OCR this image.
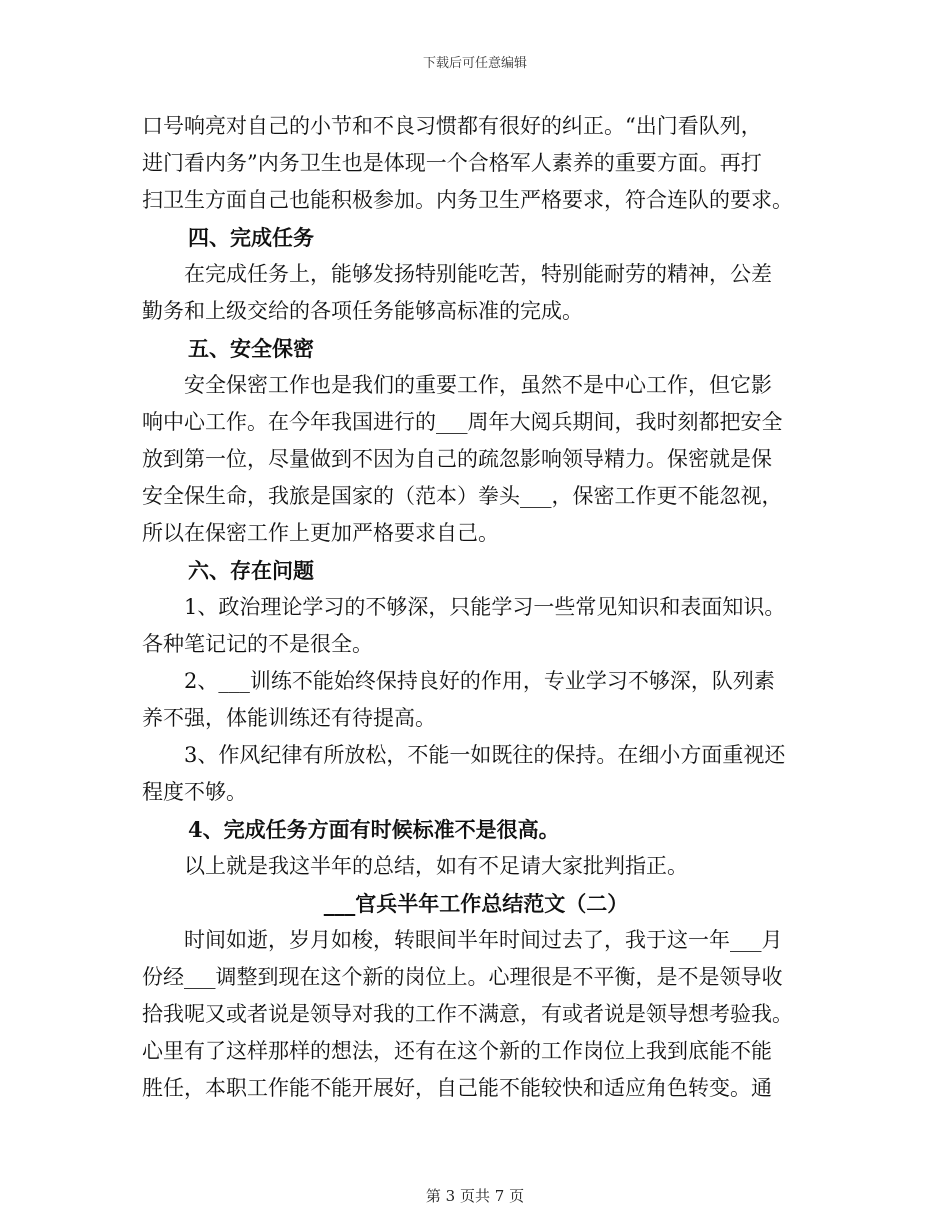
下载后可任意编辑
口号响亮对自己的小节和不良习惯都有很好的纠正。“出门看队列，
进门看内务”内务卫生也是体现一个合格军人素养的重要方面。再打
扫卫生方面自己也能积极参加。内务卫生严格要求，符合连队的要求。
四、完成任务
在完成任务上，能够发扬特别能吃苦，特别能耐劳的精神，公差
勤务和上级交给的各项任务能够高标准的完成。
五、安全保密
安全保密工作也是我们的重要工作，虽然不是中心工作，但它影
响中心工作。在今年我国进行的___周年大阅兵期间，我时刻都把安全
放到第一位，尽量做到不因为自己的疏忽影响领导精力。保密就是保
安全保生命，我旅是国家的（范本）拳头___，保密工作更不能忽视，
所以在保密工作上更加严格要求自己。
六、存在问题
1、政治理论学习的不够深，只能学习一些常见知识和表面知识。
各种笔记记的不是很全。
2、___训练不能始终保持良好的作用，专业学习不够深，队列素
养不强，体能训练还有待提高。
3、作风纪律有所放松，不能一如既往的保持。在细小方面重视还
程度不够。
4、完成任务方面有时候标准不是很高。
以上就是我这半年的总结，如有不足请大家批判指正。
___官兵半年工作总结范文（二）
时间如逝，岁月如梭，转眼间半年时间过去了，我于这一年___月
份经___调整到现在这个新的岗位上。心理很是不平衡，是不是领导收
拾我呢又或者说是领导对我的工作不满意，有或者说是领导想考验我。
心里有了这样那样的想法，还有在这个新的工作岗位上我到底能不能
胜任，本职工作能不能开展好，自己能不能较快和适应角色转变。通
第 3 页共 7 页
